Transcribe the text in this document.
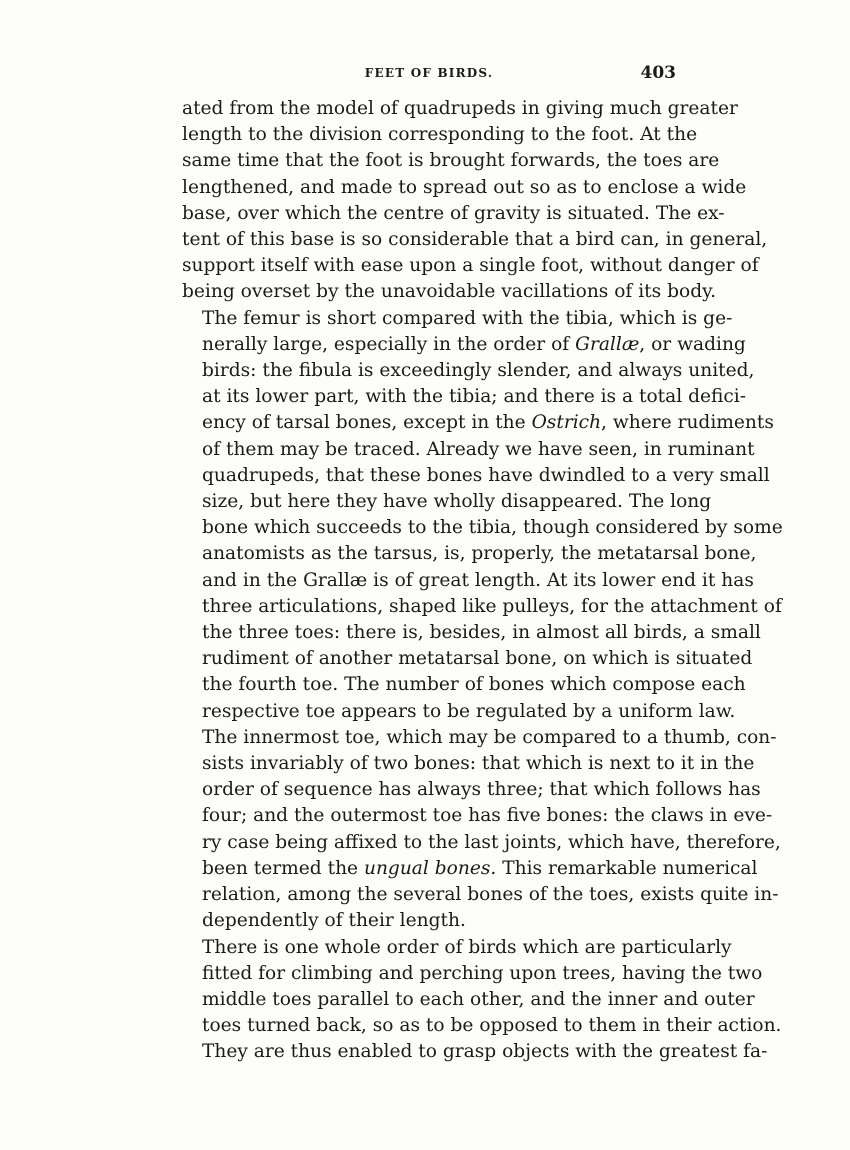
FEET OF BIRDS.	403

ated from the model of quadrupeds in giving much greater
length to the division corresponding to the foot. At the
same time that the foot is brought forwards, the toes are
lengthened, and made to spread out so as to enclose a wide
base, over which the centre of gravity is situated. The ex-
tent of this base is so considerable that a bird can, in general,
support itself with ease upon a single foot, without danger of
being overset by the unavoidable vacillations of its body.

The femur is short compared with the tibia, which is ge-
nerally large, especially in the order of Grallæ, or wading
birds: the fibula is exceedingly slender, and always united,
at its lower part, with the tibia; and there is a total defici-
ency of tarsal bones, except in the Ostrich, where rudiments
of them may be traced. Already we have seen, in ruminant
quadrupeds, that these bones have dwindled to a very small
size, but here they have wholly disappeared. The long
bone which succeeds to the tibia, though considered by some
anatomists as the tarsus, is, properly, the metatarsal bone,
and in the Grallæ is of great length. At its lower end it has
three articulations, shaped like pulleys, for the attachment of
the three toes: there is, besides, in almost all birds, a small
rudiment of another metatarsal bone, on which is situated
the fourth toe. The number of bones which compose each
respective toe appears to be regulated by a uniform law.
The innermost toe, which may be compared to a thumb, con-
sists invariably of two bones: that which is next to it in the
order of sequence has always three; that which follows has
four; and the outermost toe has five bones: the claws in eve-
ry case being affixed to the last joints, which have, therefore,
been termed the ungual bones. This remarkable numerical
relation, among the several bones of the toes, exists quite in-
dependently of their length.

There is one whole order of birds which are particularly
fitted for climbing and perching upon trees, having the two
middle toes parallel to each other, and the inner and outer
toes turned back, so as to be opposed to them in their action.
They are thus enabled to grasp objects with the greatest fa-
